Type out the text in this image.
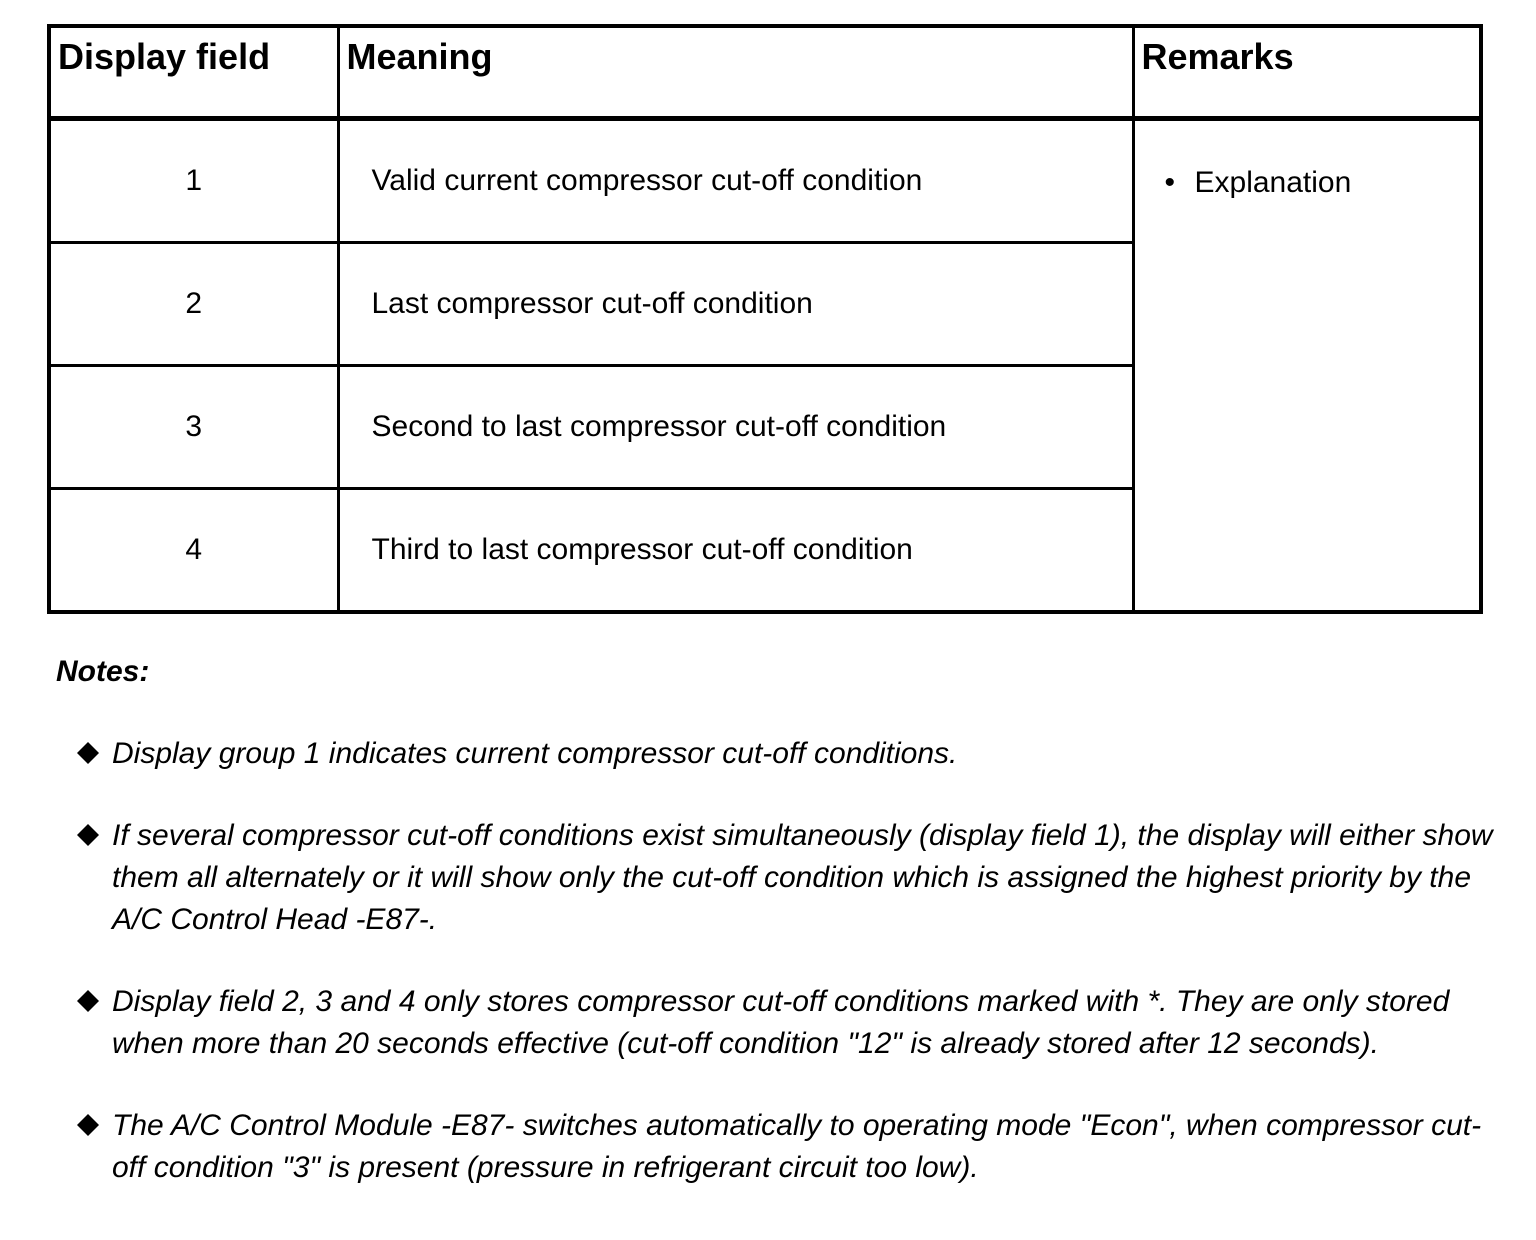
Display field	Meaning	Remarks
1	Valid current compressor cut-off condition	• Explanation
2	Last compressor cut-off condition	
3	Second to last compressor cut-off condition	
4	Third to last compressor cut-off condition	
Notes:
Display group 1 indicates current compressor cut-off conditions.
If several compressor cut-off conditions exist simultaneously (display field 1), the display will either show them all alternately or it will show only the cut-off condition which is assigned the highest priority by the A/C Control Head -E87-.
Display field 2, 3 and 4 only stores compressor cut-off conditions marked with *. They are only stored when more than 20 seconds effective (cut-off condition "12" is already stored after 12 seconds).
The A/C Control Module -E87- switches automatically to operating mode "Econ", when compressor cut-off condition "3" is present (pressure in refrigerant circuit too low).
